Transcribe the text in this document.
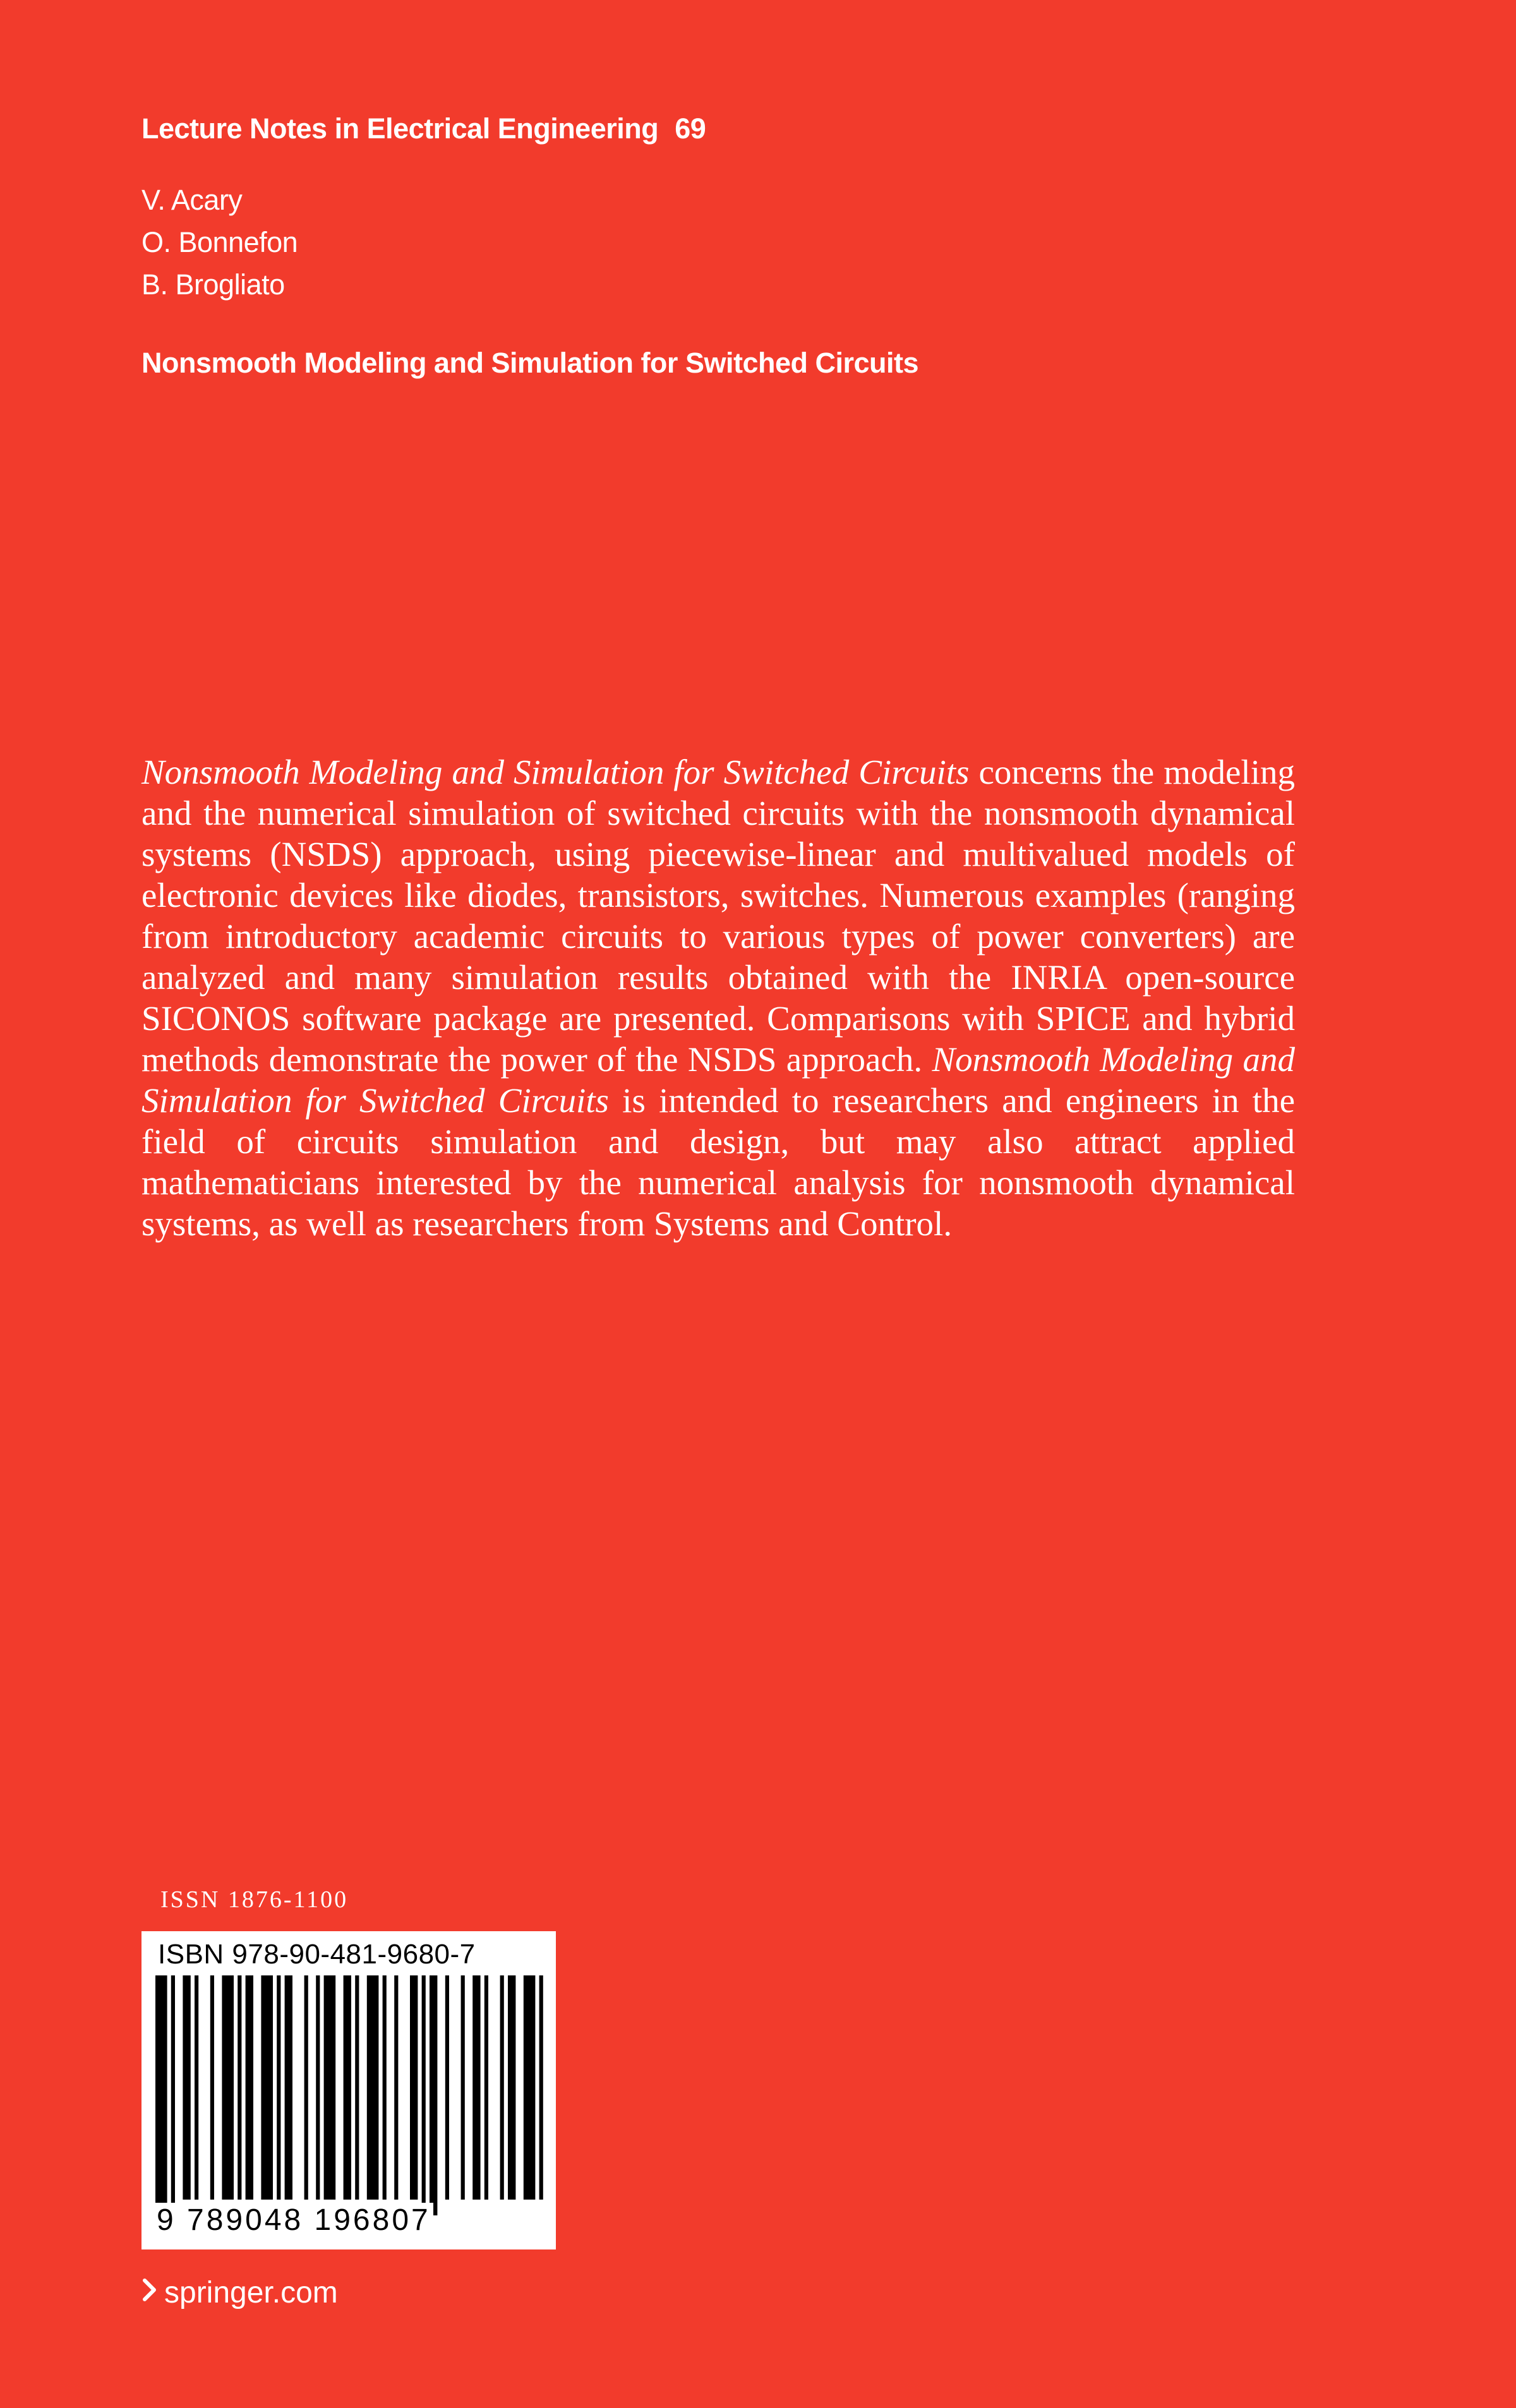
Lecture Notes in Electrical Engineering 69
V. Acary
O. Bonnefon
B. Brogliato
Nonsmooth Modeling and Simulation for Switched Circuits
Nonsmooth Modeling and Simulation for Switched Circuits concerns the modeling and the numerical simulation of switched circuits with the nonsmooth dynamical systems (NSDS) approach, using piecewise-linear and multivalued models of electronic devices like diodes, transistors, switches. Numerous examples (ranging from introductory academic circuits to various types of power converters) are analyzed and many simulation results obtained with the INRIA open-source SICONOS software package are presented. Comparisons with SPICE and hybrid methods demonstrate the power of the NSDS approach. Nonsmooth Modeling and Simulation for Switched Circuits is intended to researchers and engineers in the field of circuits simulation and design, but may also attract applied mathematicians interested by the numerical analysis for nonsmooth dynamical systems, as well as researchers from Systems and Control.
ISSN 1876-1100
ISBN 978-90-481-9680-7
9 789048 196807
springer.com
